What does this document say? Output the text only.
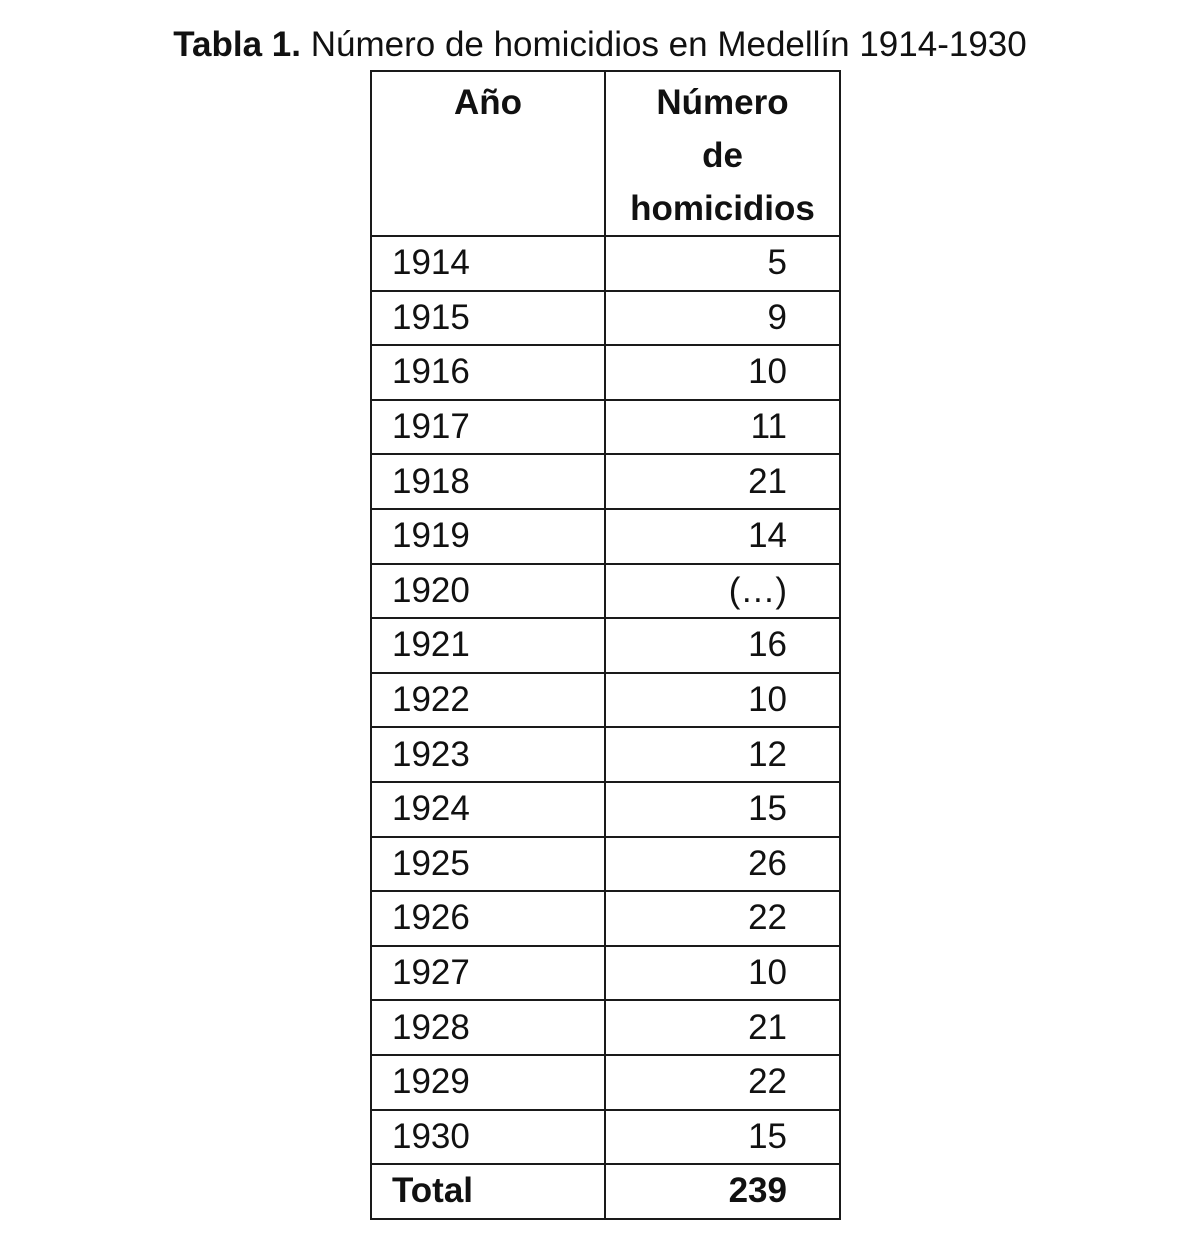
Tabla 1. Número de homicidios en Medellín 1914-1930
Año	Número
de
homicidios
1914	5
1915	9
1916	10
1917	11
1918	21
1919	14
1920	(…)
1921	16
1922	10
1923	12
1924	15
1925	26
1926	22
1927	10
1928	21
1929	22
1930	15
Total	239
